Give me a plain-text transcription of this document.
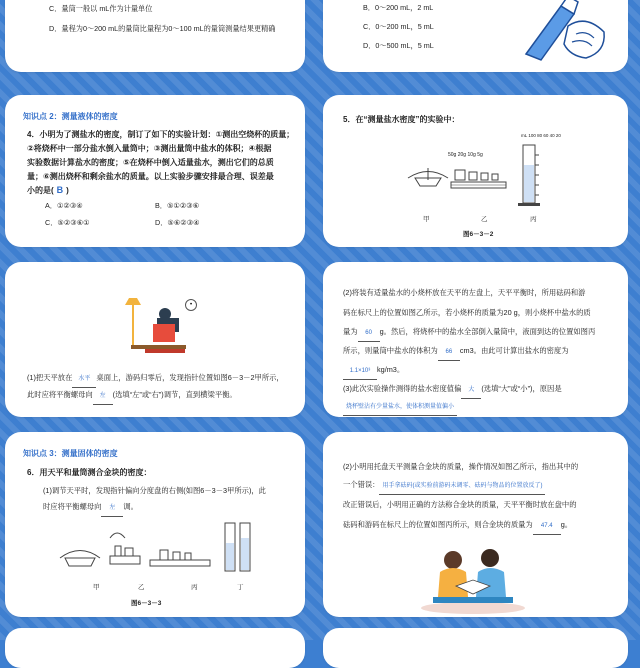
C．量筒一般以 mL作为计量单位
D．量程为0～200 mL的量筒比量程为0～100 mL的量筒测量结果更精确
B．0～200 mL，2 mL
C．0～200 mL，5 mL
D．0～500 mL，5 mL
知识点 2：测量液体的密度
4．小明为了测盐水的密度，制订了如下的实验计划：①测出空烧杯的质量；
②将烧杯中一部分盐水倒入量筒中；③测出量筒中盐水的体积；④根据
实验数据计算盐水的密度；⑤在烧杯中倒入适量盐水，测出它们的总质
量；⑥测出烧杯和剩余盐水的质量。以上实验步骤安排最合理、误差最
小的是( B )
A．①②③④	B．⑤①②③⑥
C．⑤②③⑥①	D．⑤⑥②③④
5．在“测量盐水密度”的实验中：
50g 20g 10g 5g
mL 100 80 60 40 20
甲	乙	丙
图6－3－2
•
(1)把天平放在 水平 桌面上，游码归零后，发现指针位置如图6－3－2甲所示，
此时应将平衡螺母向 左 (选填“左”或“右”)调节，直到横梁平衡。
(2)将装有适量盐水的小烧杯放在天平的左盘上，天平平衡时，所用砝码和游
码在标尺上的位置如图乙所示，若小烧杯的质量为20 g，则小烧杯中盐水的质
量为 60 g。然后，将烧杯中的盐水全部倒入量筒中，液面到达的位置如图丙
所示，则量筒中盐水的体积为 66 cm3。由此可计算出盐水的密度为
1.1×10³ kg/m3。
(3)此次实验操作测得的盐水密度值偏 大 (选填“大”或“小”)，原因是
烧杯壁沾有少量盐水，使体积测量值偏小
知识点 3：测量固体的密度
6．用天平和量筒测合金块的密度：
(1)调节天平时，发现指针偏向分度盘的右侧(如图6－3－3甲所示)，此
时应将平衡螺母向 左 调。
甲	乙	丙	丁
图6－3－3
(2)小明用托盘天平测量合金块的质量，操作情况如图乙所示，指出其中的
一个错误： 用手拿砝码(或实验前游码未调零、砝码与物品的位置放反了)
改正错误后，小明用正确的方法称合金块的质量，天平平衡时放在盘中的
砝码和游码在标尺上的位置如图丙所示，则合金块的质量为 47.4 g。
